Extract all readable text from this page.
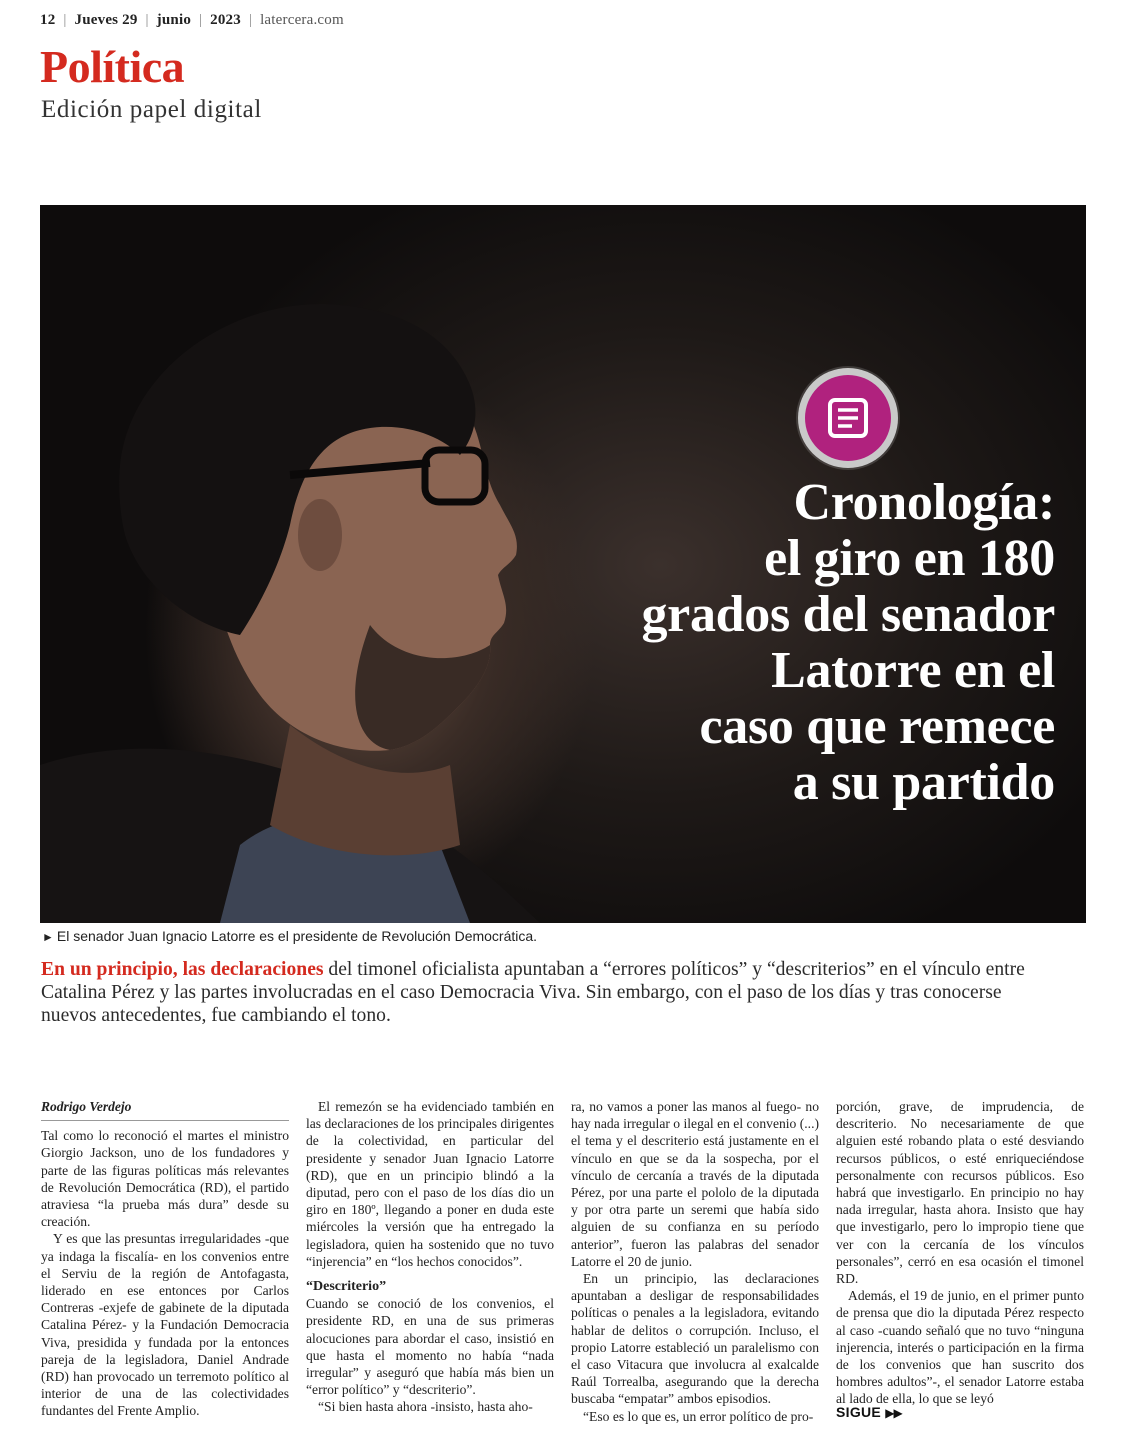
12 | Jueves 29 | junio | 2023 | latercera.com
Política
Edición papel digital
Cronología:
el giro en 180
grados del senador
Latorre en el
caso que remece
a su partido
► El senador Juan Ignacio Latorre es el presidente de Revolución Democrática.

En un principio, las declaraciones del timonel oficialista apuntaban a “errores políticos” y “descriterios” en el vínculo entre Catalina Pérez y las partes involucradas en el caso Democracia Viva. Sin embargo, con el paso de los días y tras conocerse nuevos antecedentes, fue cambiando el tono.

Rodrigo Verdejo

Tal como lo reconoció el martes el ministro Giorgio Jackson, uno de los fundadores y parte de las figuras políticas más relevantes de Revolución Democrática (RD), el partido atraviesa “la prueba más dura” desde su creación.

Y es que las presuntas irregularidades -que ya indaga la fiscalía- en los convenios entre el Serviu de la región de Antofagasta, liderado en ese entonces por Carlos Contreras -exjefe de gabinete de la diputada Catalina Pérez- y la Fundación Democracia Viva, presidida y fundada por la entonces pareja de la legisladora, Daniel Andrade (RD) han provocado un terremoto político al interior de una de las colectividades fundantes del Frente Amplio.

El remezón se ha evidenciado también en las declaraciones de los principales dirigentes de la colectividad, en particular del presidente y senador Juan Ignacio Latorre (RD), que en un principio blindó a la diputad, pero con el paso de los días dio un giro en 180º, llegando a poner en duda este miércoles la versión que ha entregado la legisladora, quien ha sostenido que no tuvo “injerencia” en “los hechos conocidos”.

“Descriterio”

Cuando se conoció de los convenios, el presidente RD, en una de sus primeras alocuciones para abordar el caso, insistió en que hasta el momento no había “nada irregular” y aseguró que había más bien un “error político” y “descriterio”.

“Si bien hasta ahora -insisto, hasta aho-

ra, no vamos a poner las manos al fuego- no hay nada irregular o ilegal en el convenio (...) el tema y el descriterio está justamente en el vínculo en que se da la sospecha, por el vínculo de cercanía a través de la diputada Pérez, por una parte el pololo de la diputada y por otra parte un seremi que había sido alguien de su confianza en su período anterior”, fueron las palabras del senador Latorre el 20 de junio.

En un principio, las declaraciones apuntaban a desligar de responsabilidades políticas o penales a la legisladora, evitando hablar de delitos o corrupción. Incluso, el propio Latorre estableció un paralelismo con el caso Vitacura que involucra al exalcalde Raúl Torrealba, asegurando que la derecha buscaba “empatar” ambos episodios.

“Eso es lo que es, un error político de pro-

porción, grave, de imprudencia, de descriterio. No necesariamente de que alguien esté robando plata o esté desviando recursos públicos, o esté enriqueciéndose personalmente con recursos públicos. Eso habrá que investigarlo. En principio no hay nada irregular, hasta ahora. Insisto que hay que investigarlo, pero lo impropio tiene que ver con la cercanía de los vínculos personales”, cerró en esa ocasión el timonel RD.

Además, el 19 de junio, en el primer punto de prensa que dio la diputada Pérez respecto al caso -cuando señaló que no tuvo “ninguna injerencia, interés o participación en la firma de los convenios que han suscrito dos hombres adultos”-, el senador Latorre estaba al lado de ella, lo que se leyó

SIGUE ▶▶
